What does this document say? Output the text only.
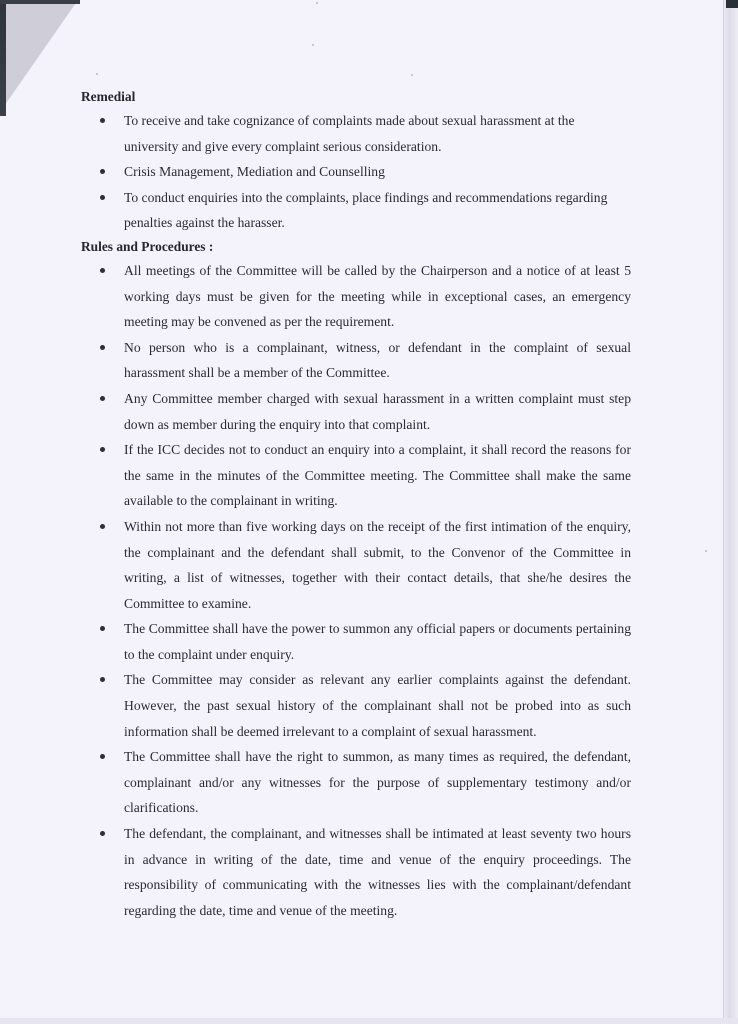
Remedial
To receive and take cognizance of complaints made about sexual harassment at the university and give every complaint serious consideration.
Crisis Management, Mediation and Counselling
To conduct enquiries into the complaints, place findings and recommendations regarding penalties against the harasser.
Rules and Procedures :
All meetings of the Committee will be called by the Chairperson and a notice of at least 5 working days must be given for the meeting while in exceptional cases, an emergency meeting may be convened as per the requirement.
No person who is a complainant, witness, or defendant in the complaint of sexual harassment shall be a member of the Committee.
Any Committee member charged with sexual harassment in a written complaint must step down as member during the enquiry into that complaint.
If the ICC decides not to conduct an enquiry into a complaint, it shall record the reasons for the same in the minutes of the Committee meeting. The Committee shall make the same available to the complainant in writing.
Within not more than five working days on the receipt of the first intimation of the enquiry, the complainant and the defendant shall submit, to the Convenor of the Committee in writing, a list of witnesses, together with their contact details, that she/he desires the Committee to examine.
The Committee shall have the power to summon any official papers or documents pertaining to the complaint under enquiry.
The Committee may consider as relevant any earlier complaints against the defendant. However, the past sexual history of the complainant shall not be probed into as such information shall be deemed irrelevant to a complaint of sexual harassment.
The Committee shall have the right to summon, as many times as required, the defendant, complainant and/or any witnesses for the purpose of supplementary testimony and/or clarifications.
The defendant, the complainant, and witnesses shall be intimated at least seventy two hours in advance in writing of the date, time and venue of the enquiry proceedings. The responsibility of communicating with the witnesses lies with the complainant/defendant regarding the date, time and venue of the meeting.
